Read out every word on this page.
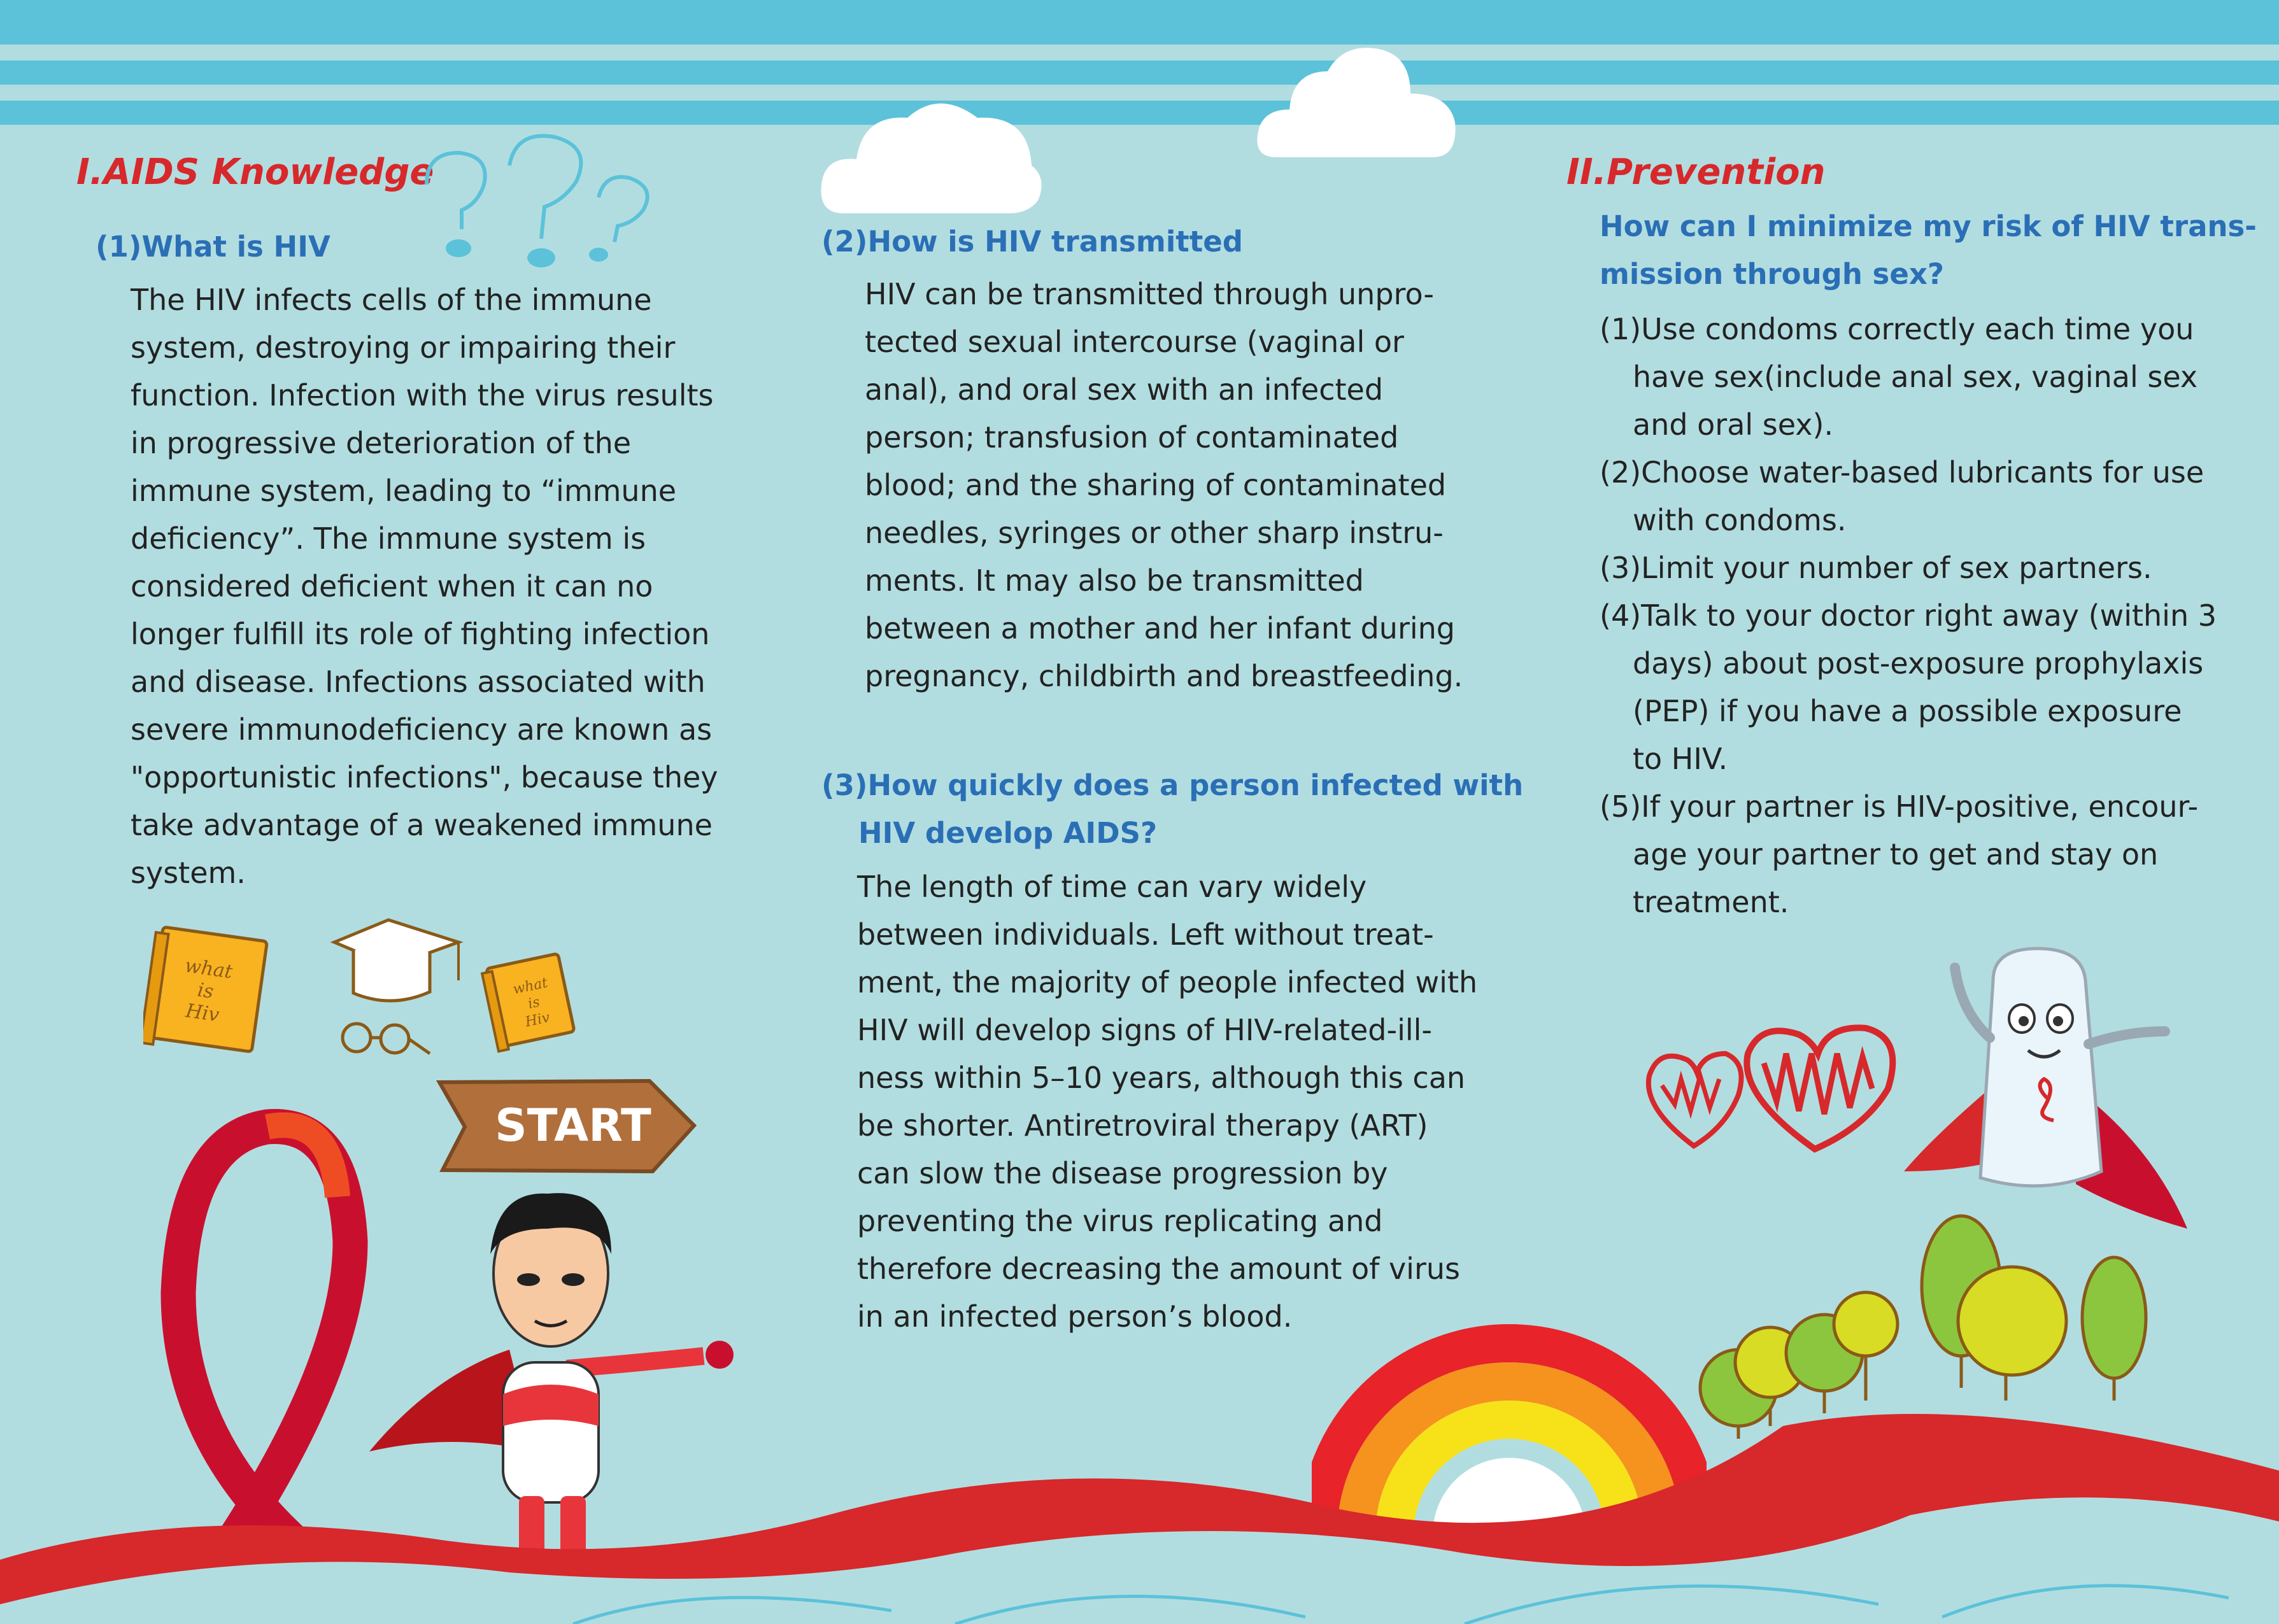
I.AIDS Knowledge
(1)What is HIV
The HIV infects cells of the immune
system, destroying or impairing their
function. Infection with the virus results
in progressive deterioration of the
immune system, leading to “immune
deficiency”. The immune system is
considered deficient when it can no
longer fulfill its role of fighting infection
and disease. Infections associated with
severe immunodeficiency are known as
"opportunistic infections", because they
take advantage of a weakened immune
system.
(2)How is HIV transmitted
HIV can be transmitted through unpro-
tected sexual intercourse (vaginal or
anal), and oral sex with an infected
person; transfusion of contaminated
blood; and the sharing of contaminated
needles, syringes or other sharp instru-
ments. It may also be transmitted
between a mother and her infant during
pregnancy, childbirth and breastfeeding.
(3)How quickly does a person infected with
HIV develop AIDS?
The length of time can vary widely
between individuals. Left without treat-
ment, the majority of people infected with
HIV will develop signs of HIV-related-ill-
ness within 5–10 years, although this can
be shorter. Antiretroviral therapy (ART)
can slow the disease progression by
preventing the virus replicating and
therefore decreasing the amount of virus
in an infected person’s blood.
II.Prevention
How can I minimize my risk of HIV trans-
mission through sex?
(1)Use condoms correctly each time you
have sex(include anal sex, vaginal sex
and oral sex).
(2)Choose water-based lubricants for use
with condoms.
(3)Limit your number of sex partners.
(4)Talk to your doctor right away (within 3
days) about post-exposure prophylaxis
(PEP) if you have a possible exposure
to HIV.
(5)If your partner is HIV-positive, encour-
age your partner to get and stay on
treatment.
what
is
Hiv
what
is
Hiv
START
